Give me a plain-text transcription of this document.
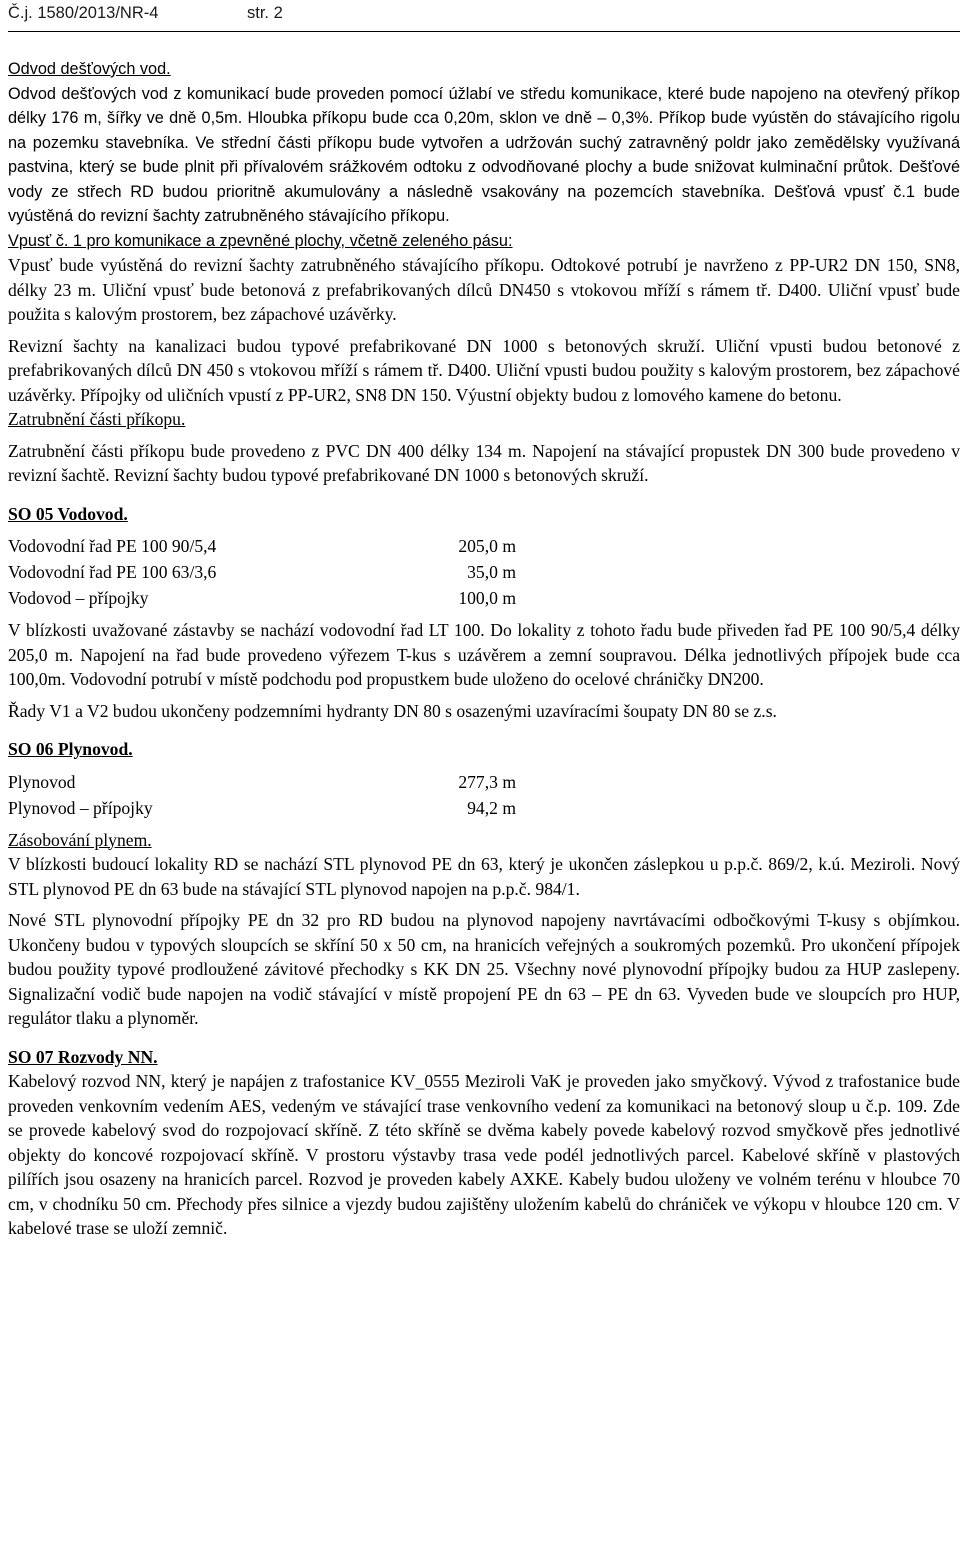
Č.j. 1580/2013/NR-4	str. 2

Odvod dešťových vod.

Odvod dešťových vod z komunikací bude proveden pomocí úžlabí ve středu komunikace, které bude napojeno na otevřený příkop délky 176 m, šířky ve dně 0,5m. Hloubka příkopu bude cca 0,20m, sklon ve dně – 0,3%. Příkop bude vyústěn do stávajícího rigolu na pozemku stavebníka. Ve střední části příkopu bude vytvořen a udržován suchý zatravněný poldr jako zemědělsky využívaná pastvina, který se bude plnit při přívalovém srážkovém odtoku z odvodňované plochy a bude snižovat kulminační průtok. Dešťové vody ze střech RD budou prioritně akumulovány a následně vsakovány na pozemcích stavebníka. Dešťová vpusť č.1 bude vyústěná do revizní šachty zatrubněného stávajícího příkopu.

Vpusť č. 1 pro komunikace a zpevněné plochy, včetně zeleného pásu:

Vpusť bude vyústěná do revizní šachty zatrubněného stávajícího příkopu. Odtokové potrubí je navrženo z PP-UR2 DN 150, SN8, délky 23 m. Uliční vpusť bude betonová z prefabrikovaných dílců DN450 s vtokovou mříží s rámem tř. D400. Uliční vpusť bude použita s kalovým prostorem, bez zápachové uzávěrky.

Revizní šachty na kanalizaci budou typové prefabrikované DN 1000 s betonových skruží. Uliční vpusti budou betonové z prefabrikovaných dílců DN 450 s vtokovou mříží s rámem tř. D400. Uliční vpusti budou použity s kalovým prostorem, bez zápachové uzávěrky. Přípojky od uličních vpustí z PP-UR2, SN8 DN 150. Výustní objekty budou z lomového kamene do betonu.

Zatrubnění části příkopu.

Zatrubnění části příkopu bude provedeno z PVC DN 400 délky 134 m. Napojení na stávající propustek DN 300 bude provedeno v revizní šachtě. Revizní šachty budou typové prefabrikované DN 1000 s betonových skruží.

SO 05 Vodovod.

Vodovodní řad PE 100 90/5,4	205,0 m
Vodovodní řad PE 100 63/3,6	35,0 m
Vodovod – přípojky	100,0 m

V blízkosti uvažované zástavby se nachází vodovodní řad LT 100. Do lokality z tohoto řadu bude přiveden řad PE 100 90/5,4 délky 205,0 m. Napojení na řad bude provedeno výřezem T-kus s uzávěrem a zemní soupravou. Délka jednotlivých přípojek bude cca 100,0m. Vodovodní potrubí v místě podchodu pod propustkem bude uloženo do ocelové chráničky DN200.

Řady V1 a V2 budou ukončeny podzemními hydranty DN 80 s osazenými uzavíracími šoupaty DN 80 se z.s.

SO 06 Plynovod.

Plynovod	277,3 m
Plynovod – přípojky	94,2 m

Zásobování plynem.

V blízkosti budoucí lokality RD se nachází STL plynovod PE dn 63, který je ukončen záslepkou u p.p.č. 869/2, k.ú. Meziroli. Nový STL plynovod PE dn 63 bude na stávající STL plynovod napojen na p.p.č. 984/1.

Nové STL plynovodní přípojky PE dn 32 pro RD budou na plynovod napojeny navrtávacími odbočkovými T-kusy s objímkou. Ukončeny budou v typových sloupcích se skříní 50 x 50 cm, na hranicích veřejných a soukromých pozemků. Pro ukončení přípojek budou použity typové prodloužené závitové přechodky s KK DN 25. Všechny nové plynovodní přípojky budou za HUP zaslepeny. Signalizační vodič bude napojen na vodič stávající v místě propojení PE dn 63 – PE dn 63. Vyveden bude ve sloupcích pro HUP, regulátor tlaku a plynoměr.

SO 07 Rozvody NN.

Kabelový rozvod NN, který je napájen z trafostanice KV_0555 Meziroli VaK je proveden jako smyčkový. Vývod z trafostanice bude proveden venkovním vedením AES, vedeným ve stávající trase venkovního vedení za komunikaci na betonový sloup u č.p. 109. Zde se provede kabelový svod do rozpojovací skříně. Z této skříně se dvěma kabely povede kabelový rozvod smyčkově přes jednotlivé objekty do koncové rozpojovací skříně. V prostoru výstavby trasa vede podél jednotlivých parcel. Kabelové skříně v plastových pilířích jsou osazeny na hranicích parcel. Rozvod je proveden kabely AXKE. Kabely budou uloženy ve volném terénu v hloubce 70 cm, v chodníku 50 cm. Přechody přes silnice a vjezdy budou zajištěny uložením kabelů do chrániček ve výkopu v hloubce 120 cm. V kabelové trase se uloží zemnič.
